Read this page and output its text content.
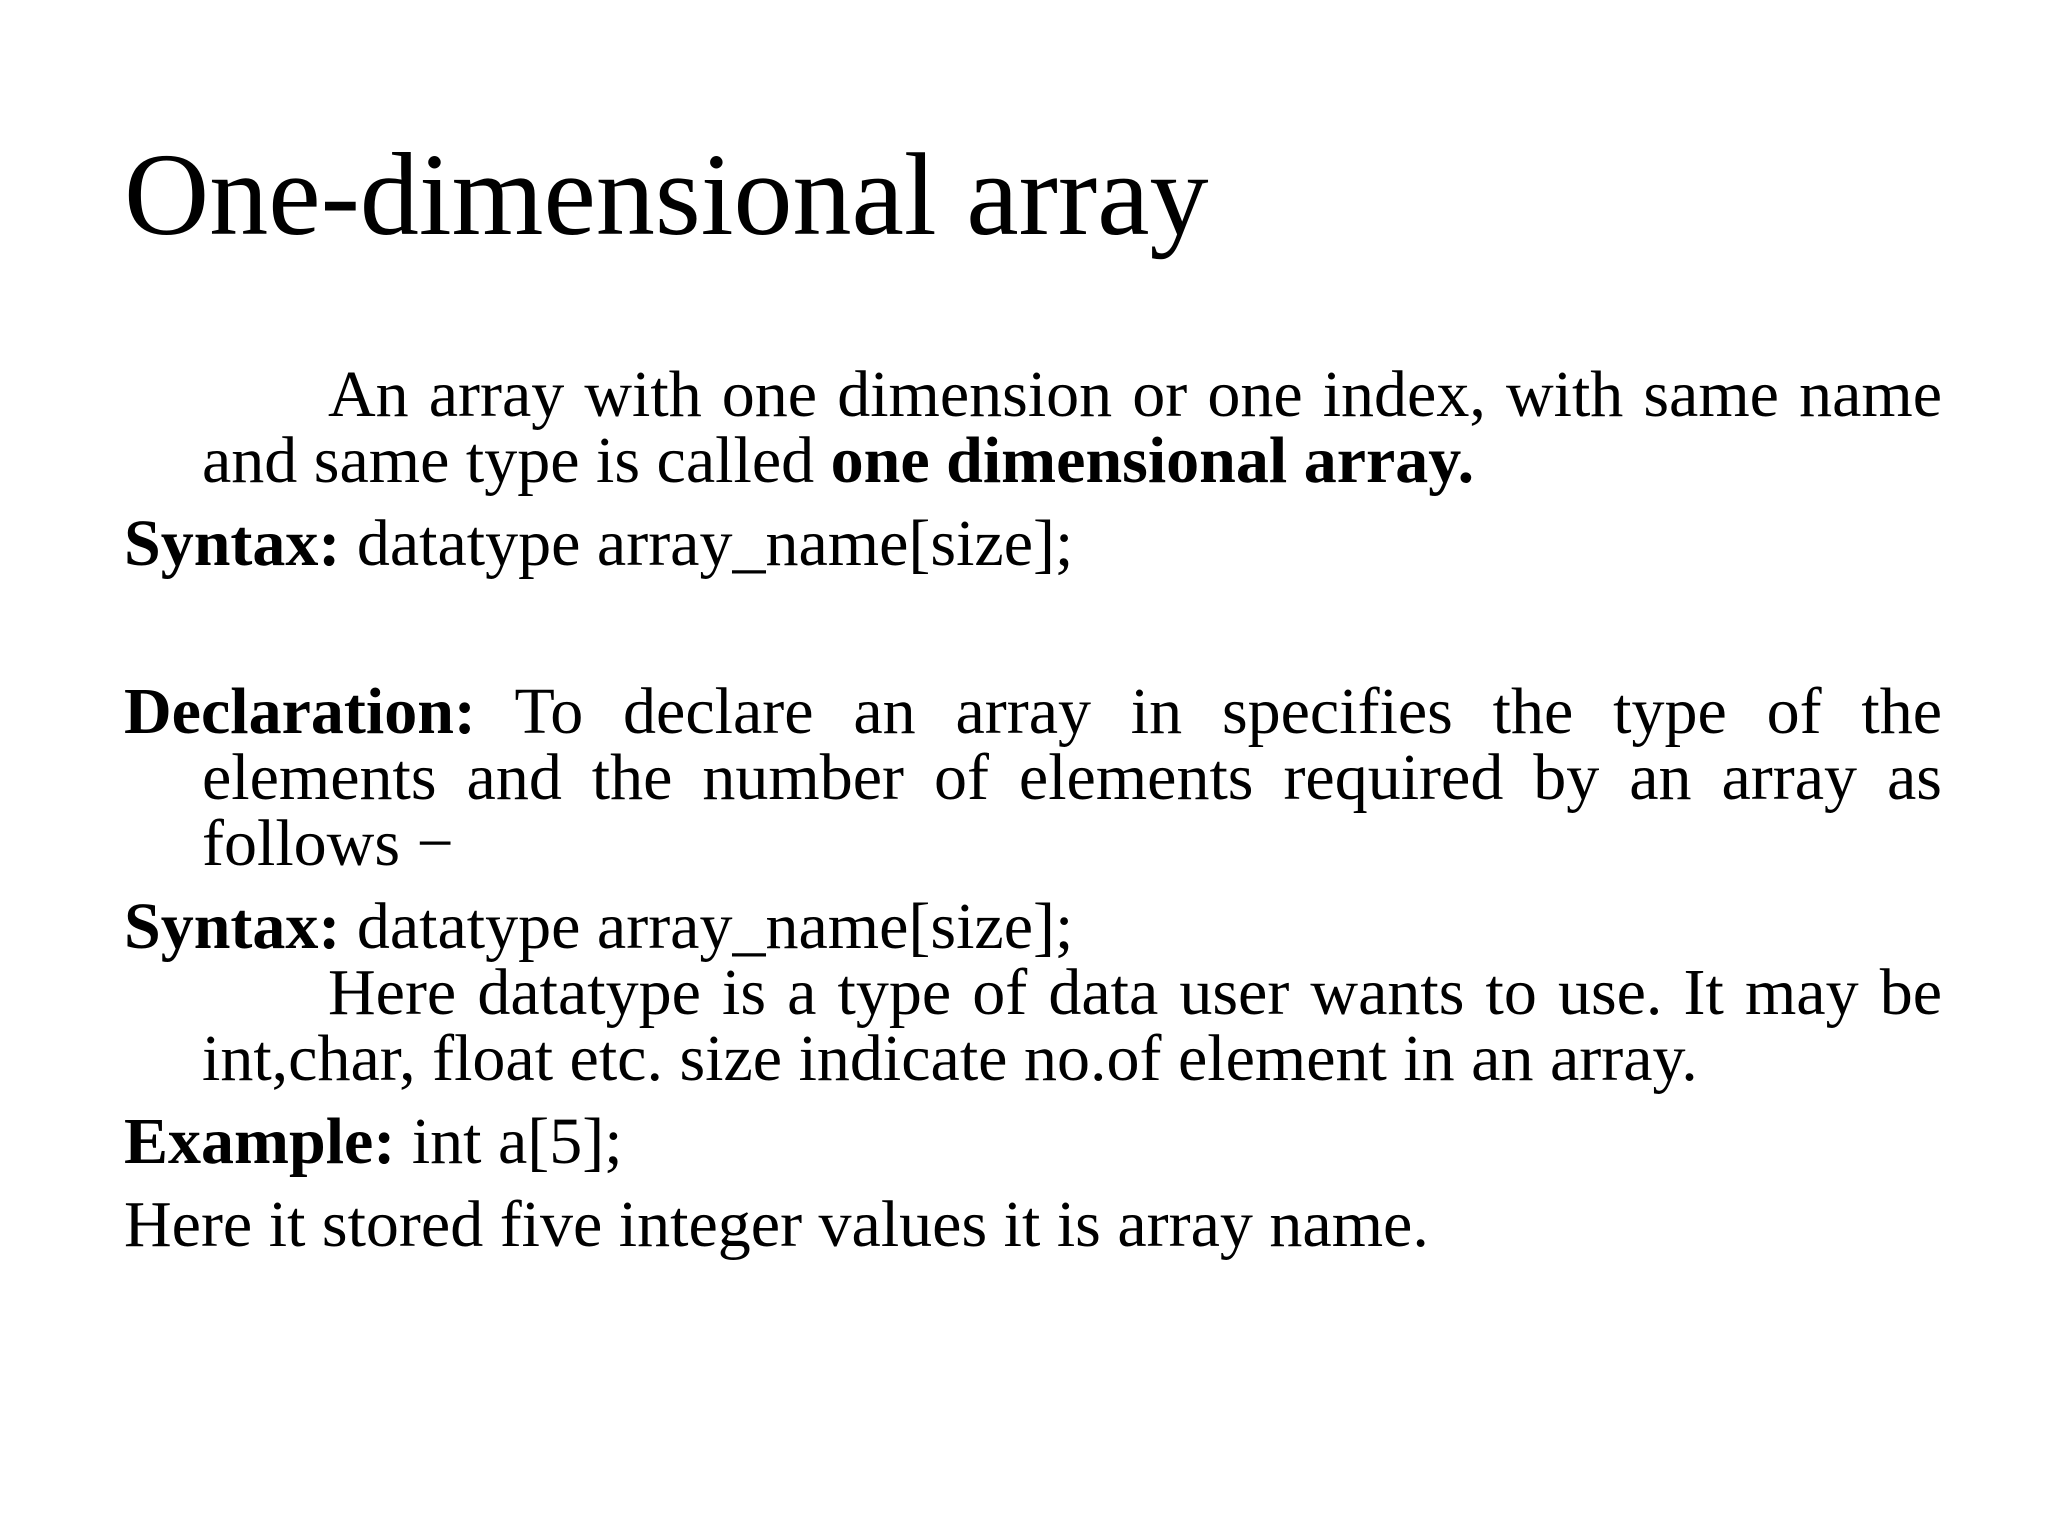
One-dimensional array

An array with one dimension or one index, with same name and same type is called one dimensional array.

Syntax: datatype array_name[size];

Declaration: To declare an array in specifies the type of the elements and the number of elements required by an array as follows −

Syntax: datatype array_name[size];

Here datatype is a type of data user wants to use. It may be int,char, float etc. size indicate no.of element in an array.

Example: int a[5];

Here it stored five integer values it is array name.
